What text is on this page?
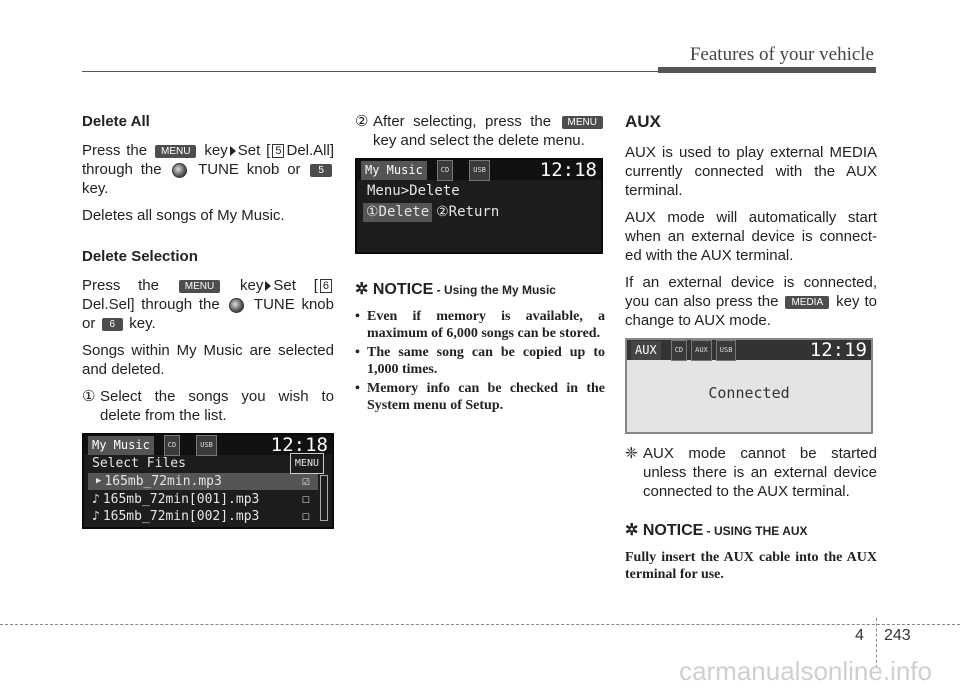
Features of your vehicle
Delete All

Press the MENU key Set [ 5 Del.All] through the TUNE knob or 5 key.

Deletes all songs of My Music.

Delete Selection

Press the	MENU key Set [ 6 Del.Sel] through the TUNE knob or 6 key.

Songs within My Music are selected and deleted.

① Select the songs you wish to delete from the list.
My Music	CD	USB	12:18
Select Files	MENU
▶ 165mb_72min.mp3	☑
♪ 165mb_72min[001].mp3	☐
♪ 165mb_72min[002].mp3	☐
② After selecting, press the MENU key and select the delete menu.
My Music	CD	USB	12:18
Menu>Delete
①Delete ②Return
✲ NOTICE - Using the My Music
• Even if memory is available, a maximum of 6,000 songs can be stored.
• The same song can be copied up to 1,000 times.
• Memory info can be checked in the System menu of Setup.
AUX

AUX is used to play external MEDIA currently connected with the AUX terminal.

AUX mode will automatically start when an external device is connect-ed with the AUX terminal.

If an external device is connected, you can also press the MEDIA key to change to AUX mode.

AUX	CD	AUX	USB	12:19
Connected
❈ AUX mode cannot be started unless there is an external device connected to the AUX terminal.
✲ NOTICE - USING THE AUX

Fully insert the AUX cable into the AUX terminal for use.

4 243
carmanualsonline.info
